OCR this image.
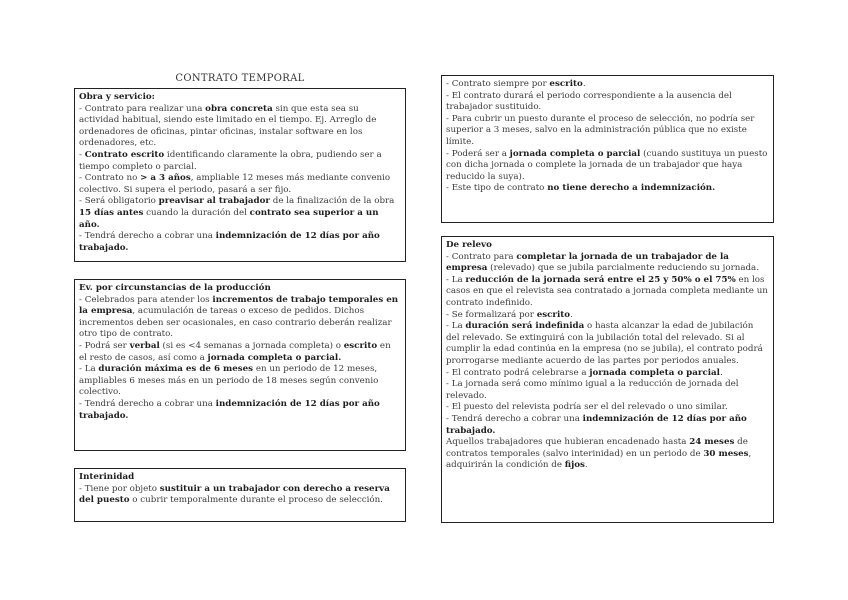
CONTRATO TEMPORAL

Obra y servicio:

- Contrato para realizar una obra concreta sin que esta sea su actividad habitual, siendo este limitado en el tiempo. Ej. Arreglo de ordenadores de oficinas, pintar oficinas, instalar software en los ordenadores, etc.

- Contrato escrito identificando claramente la obra, pudiendo ser a tiempo completo o parcial.

- Contrato no > a 3 años, ampliable 12 meses más mediante convenio colectivo. Si supera el periodo, pasará a ser fijo.

- Será obligatorio preavisar al trabajador de la finalización de la obra 15 días antes cuando la duración del contrato sea superior a un año.

- Tendrá derecho a cobrar una indemnización de 12 días por año trabajado.

Ev. por circunstancias de la producción

- Celebrados para atender los incrementos de trabajo temporales en la empresa, acumulación de tareas o exceso de pedidos. Dichos incrementos deben ser ocasionales, en caso contrario deberán realizar otro tipo de contrato.

- Podrá ser verbal (si es <4 semanas a jornada completa) o escrito en el resto de casos, así como a jornada completa o parcial.

- La duración máxima es de 6 meses en un periodo de 12 meses, ampliables 6 meses más en un periodo de 18 meses según convenio colectivo.

- Tendrá derecho a cobrar una indemnización de 12 días por año trabajado.

Interinidad

- Tiene por objeto sustituir a un trabajador con derecho a reserva del puesto o cubrir temporalmente durante el proceso de selección.

- Contrato siempre por escrito.

- El contrato durará el periodo correspondiente a la ausencia del trabajador sustituido.

- Para cubrir un puesto durante el proceso de selección, no podría ser superior a 3 meses, salvo en la administración pública que no existe límite.

- Poderá ser a jornada completa o parcial (cuando sustituya un puesto con dicha jornada o complete la jornada de un trabajador que haya reducido la suya).

- Este tipo de contrato no tiene derecho a indemnización.

De relevo

- Contrato para completar la jornada de un trabajador de la empresa (relevado) que se jubila parcialmente reduciendo su jornada.

- La reducción de la jornada será entre el 25 y 50% o el 75% en los casos en que el relevista sea contratado a jornada completa mediante un contrato indefinido.

- Se formalizará por escrito.

- La duración será indefinida o hasta alcanzar la edad de jubilación del relevado. Se extinguirá con la jubilación total del relevado. Si al cumplir la edad continúa en la empresa (no se jubila), el contrato podrá prorrogarse mediante acuerdo de las partes por periodos anuales.

- El contrato podrá celebrarse a jornada completa o parcial.

- La jornada será como mínimo igual a la reducción de jornada del relevado.

- El puesto del relevista podría ser el del relevado o uno similar.

- Tendrá derecho a cobrar una indemnización de 12 días por año trabajado.

Aquellos trabajadores que hubieran encadenado hasta 24 meses de contratos temporales (salvo interinidad) en un periodo de 30 meses, adquirirán la condición de fijos.
